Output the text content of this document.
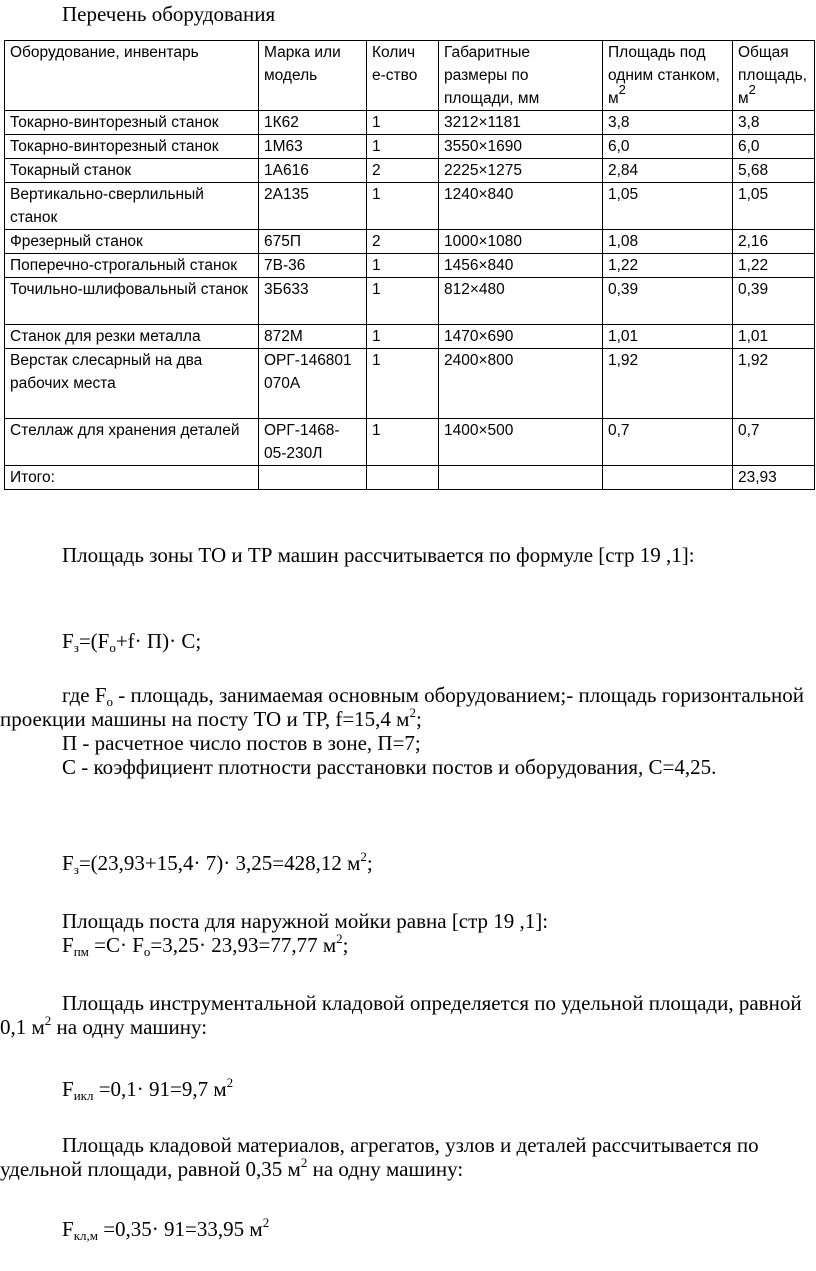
Перечень оборудования
Оборудование, инвентарь	Марка или модель	Колич е-ство	Габаритные размеры по площади, мм	Площадь под одним станком, $м^2$	Общая площадь, $м^2$
Токарно-винторезный станок	1К62	1	3212×1181	3,8	3,8
Токарно-винторезный станок	1М63	1	3550×1690	6,0	6,0
Токарный станок	1А616	2	2225×1275	2,84	5,68
Вертикально-сверлильный станок	2А135	1	1240×840	1,05	1,05
Фрезерный станок	675П	2	1000×1080	1,08	2,16
Поперечно-строгальный станок	7В-36	1	1456×840	1,22	1,22
Точильно-шлифовальный станок	3Б633	1	812×480	0,39	0,39
Станок для резки металла	872М	1	1470×690	1,01	1,01
Верстак слесарный на два рабочих места	ОРГ-146801 070А	1	2400×800	1,92	1,92
Стеллаж для хранения деталей	ОРГ-1468-05-230Л	1	1400×500	0,7	0,7
Итого:					23,93

Площадь зоны ТО и ТР машин рассчитывается по формуле [стр 19 ,1]:

$F_з=(F_о+f\cdot П)\cdot C$;

где $F_о$ - площадь, занимаемая основным оборудованием;- площадь горизонтальной проекции машины на посту ТО и ТР, f=15,4 $м^2$;

П - расчетное число постов в зоне, П=7;

С - коэффициент плотности расстановки постов и оборудования, С=4,25.

$F_з=(23,93+15,4\cdot 7)\cdot 3,25=428,12$ $м^2$;

Площадь поста для наружной мойки равна [стр 19 ,1]:

$F_{пм} =C\cdot F_о=3,25\cdot 23,93=77,77$ $м^2$;

Площадь инструментальной кладовой определяется по удельной площади, равной 0,1 $м^2$ на одну машину:

$F_{икл} =0,1\cdot 91=9,7$ $м^2$

Площадь кладовой материалов, агрегатов, узлов и деталей рассчитывается по удельной площади, равной 0,35 $м^2$ на одну машину:

$F_{кл,м} =0,35\cdot 91=33,95$ $м^2$
